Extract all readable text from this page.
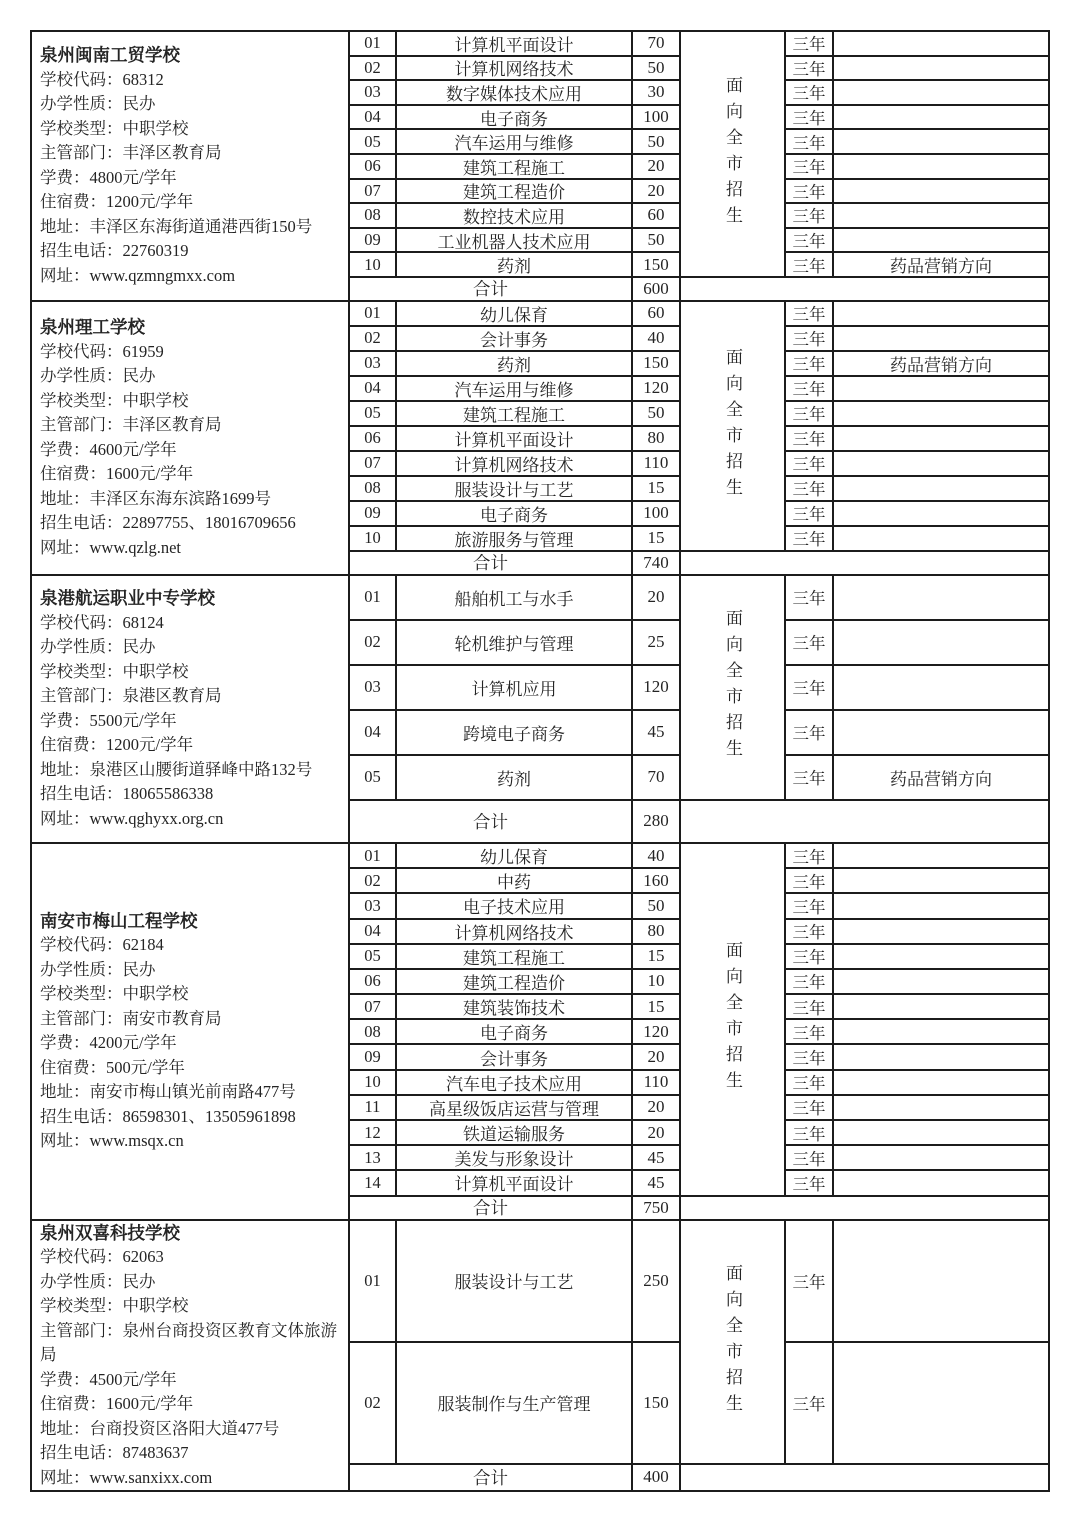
泉州闽南工贸学校
学校代码：68312
办学性质：民办
学校类型：中职学校
主管部门：丰泽区教育局
学费：4800元/学年
住宿费：1200元/学年
地址：丰泽区东海街道通港西街150号
招生电话：22760319
网址：www.qzmngmxx.com
01	计算机平面设计	70	三年
02	计算机网络技术	50	三年
03	数字媒体技术应用	30	三年
04	电子商务	100	三年
05	汽车运用与维修	50	三年
06	建筑工程施工	20	三年
07	建筑工程造价	20	三年
08	数控技术应用	60	三年
09	工业机器人技术应用	50	三年
10	药剂	150	三年	药品营销方向
面向全市招生
合计	600
泉州理工学校
学校代码：61959
办学性质：民办
学校类型：中职学校
主管部门：丰泽区教育局
学费：4600元/学年
住宿费：1600元/学年
地址：丰泽区东海东滨路1699号
招生电话：22897755、18016709656
网址：www.qzlg.net
01	幼儿保育	60	三年
02	会计事务	40	三年
03	药剂	150	三年	药品营销方向
04	汽车运用与维修	120	三年
05	建筑工程施工	50	三年
06	计算机平面设计	80	三年
07	计算机网络技术	110	三年
08	服装设计与工艺	15	三年
09	电子商务	100	三年
10	旅游服务与管理	15	三年
面向全市招生
合计	740
泉港航运职业中专学校
学校代码：68124
办学性质：民办
学校类型：中职学校
主管部门：泉港区教育局
学费：5500元/学年
住宿费：1200元/学年
地址：泉港区山腰街道驿峰中路132号
招生电话：18065586338
网址：www.qghyxx.org.cn
01	船舶机工与水手	20	三年
02	轮机维护与管理	25	三年
03	计算机应用	120	三年
04	跨境电子商务	45	三年
05	药剂	70	三年	药品营销方向
面向全市招生
合计	280
南安市梅山工程学校
学校代码：62184
办学性质：民办
学校类型：中职学校
主管部门：南安市教育局
学费：4200元/学年
住宿费：500元/学年
地址：南安市梅山镇光前南路477号
招生电话：86598301、13505961898
网址：www.msqx.cn
01	幼儿保育	40	三年
02	中药	160	三年
03	电子技术应用	50	三年
04	计算机网络技术	80	三年
05	建筑工程施工	15	三年
06	建筑工程造价	10	三年
07	建筑装饰技术	15	三年
08	电子商务	120	三年
09	会计事务	20	三年
10	汽车电子技术应用	110	三年
11	高星级饭店运营与管理	20	三年
12	铁道运输服务	20	三年
13	美发与形象设计	45	三年
14	计算机平面设计	45	三年
面向全市招生
合计	750
泉州双喜科技学校
学校代码：62063
办学性质：民办
学校类型：中职学校
主管部门：泉州台商投资区教育文体旅游局
学费：4500元/学年
住宿费：1600元/学年
地址：台商投资区洛阳大道477号
招生电话：87483637
网址：www.sanxixx.com
01	服装设计与工艺	250	三年
02	服装制作与生产管理	150	三年
面向全市招生
合计	400
